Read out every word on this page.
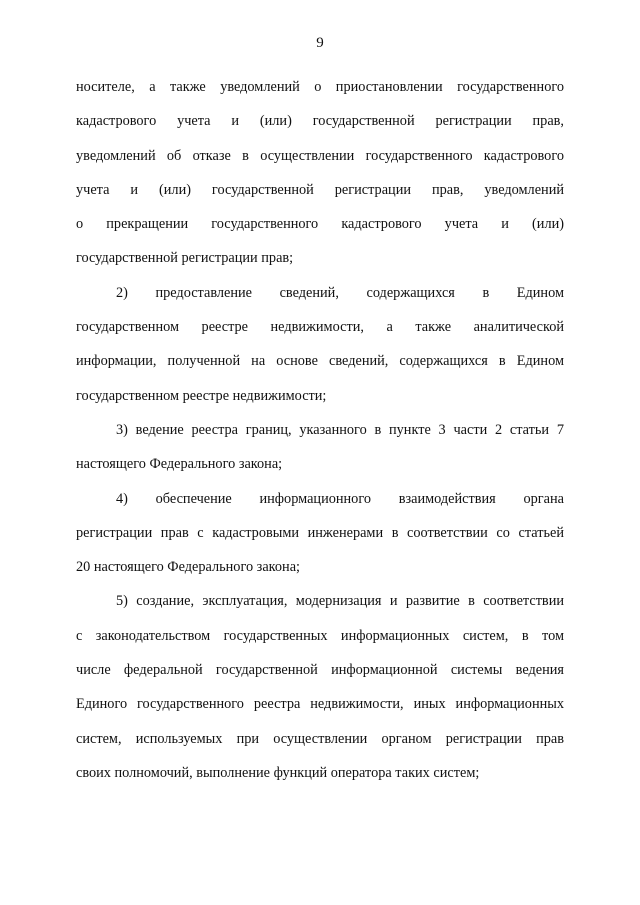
9
носителе, а также уведомлений о приостановлении государственного
кадастрового учета и (или) государственной регистрации прав,
уведомлений об отказе в осуществлении государственного кадастрового
учета и (или) государственной регистрации прав, уведомлений
о прекращении государственного кадастрового учета и (или)
государственной регистрации прав;
2) предоставление сведений, содержащихся в Едином
государственном реестре недвижимости, а также аналитической
информации, полученной на основе сведений, содержащихся в Едином
государственном реестре недвижимости;
3) ведение реестра границ, указанного в пункте 3 части 2 статьи 7
настоящего Федерального закона;
4) обеспечение информационного взаимодействия органа
регистрации прав с кадастровыми инженерами в соответствии со статьей
20 настоящего Федерального закона;
5) создание, эксплуатация, модернизация и развитие в соответствии
с законодательством государственных информационных систем, в том
числе федеральной государственной информационной системы ведения
Единого государственного реестра недвижимости, иных информационных
систем, используемых при осуществлении органом регистрации прав
своих полномочий, выполнение функций оператора таких систем;
